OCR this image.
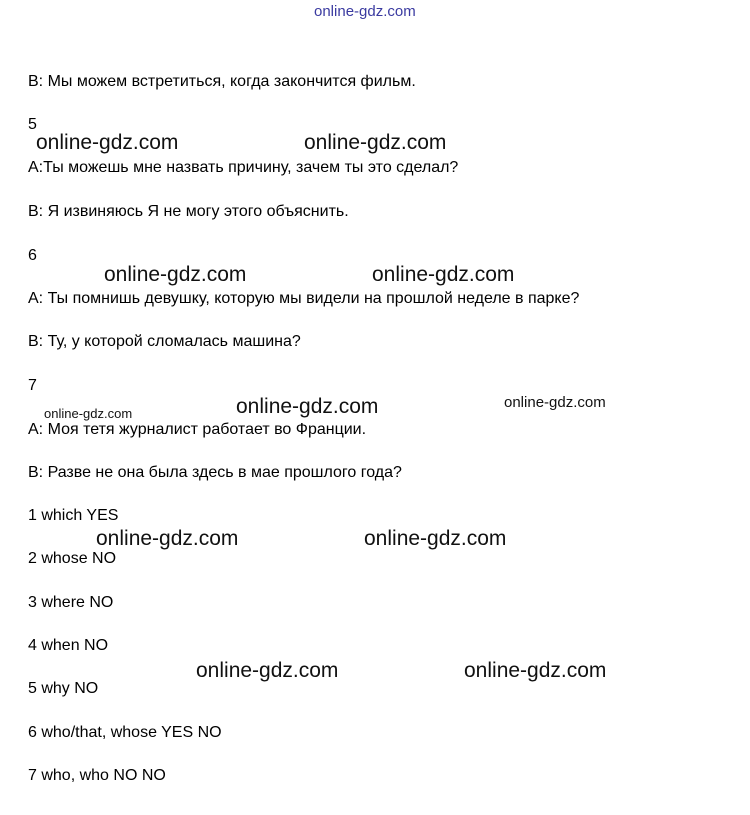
online-gdz.com
B: Мы можем встретиться, когда закончится фильм.
5
A:Ты можешь мне назвать причину, зачем ты это сделал?
B: Я извиняюсь Я не могу этого объяснить.
6
A: Ты помнишь девушку, которую мы видели на прошлой неделе в парке?
B: Ту, у которой сломалась машина?
7
A: Моя тетя журналист работает во Франции.
B: Разве не она была здесь в мае прошлого года?
1 which YES
2 whose NO
3 where NO
4 when NO
5 why NO
6 who/that, whose YES NO
7 who, who NO NO
online-gdz.com	online-gdz.com
online-gdz.com	online-gdz.com
online-gdz.com	online-gdz.com	online-gdz.com
online-gdz.com	online-gdz.com
online-gdz.com	online-gdz.com
